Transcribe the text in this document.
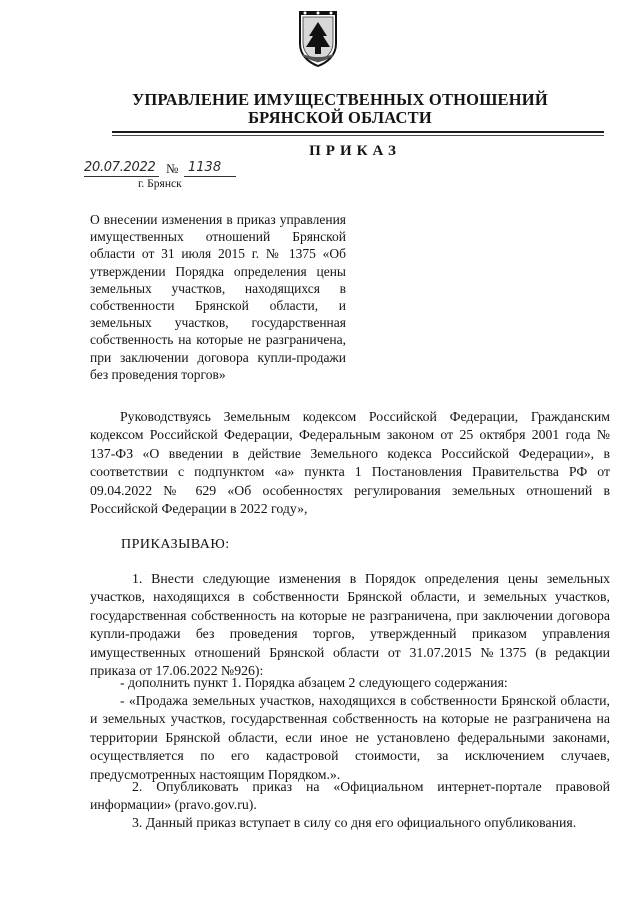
УПРАВЛЕНИЕ ИМУЩЕСТВЕННЫХ ОТНОШЕНИЙ
БРЯНСКОЙ ОБЛАСТИ
ПРИКАЗ
20.07.2022 № 1138
г. Брянск
О внесении изменения в приказ управления имущественных отношений Брянской области от 31 июля 2015 г. № 1375 «Об утверждении Порядка определения цены земельных участков, находящихся в собственности Брянской области, и земельных участков, государственная собственность на которые не разграничена, при заключении договора купли-продажи без проведения торгов»

Руководствуясь Земельным кодексом Российской Федерации, Гражданским кодексом Российской Федерации, Федеральным законом от 25 октября 2001 года № 137-ФЗ «О введении в действие Земельного кодекса Российской Федерации», в соответствии с подпунктом «а» пункта 1 Постановления Правительства РФ от 09.04.2022 № 629 «Об особенностях регулирования земельных отношений в Российской Федерации в 2022 году»,

ПРИКАЗЫВАЮ:

1. Внести следующие изменения в Порядок определения цены земельных участков, находящихся в собственности Брянской области, и земельных участков, государственная собственность на которые не разграничена, при заключении договора купли-продажи без проведения торгов, утвержденный приказом управления имущественных отношений Брянской области от 31.07.2015 №1375 (в редакции приказа от 17.06.2022 №926):

- дополнить пункт 1. Порядка абзацем 2 следующего содержания:

- «Продажа земельных участков, находящихся в собственности Брянской области, и земельных участков, государственная собственность на которые не разграничена на территории Брянской области, если иное не установлено федеральными законами, осуществляется по его кадастровой стоимости, за исключением случаев, предусмотренных настоящим Порядком.».

2. Опубликовать приказ на «Официальном интернет-портале правовой информации» (pravo.gov.ru).

3. Данный приказ вступает в силу со дня его официального опубликования.
